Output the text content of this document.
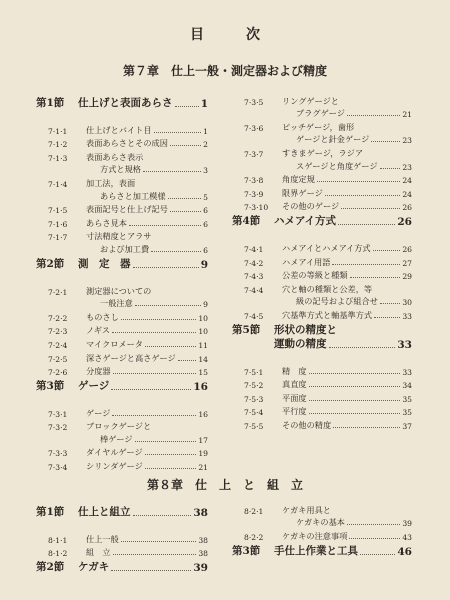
目　次
第７章　仕上一般・測定器および精度
第1節	仕上げと表面あらさ	1
7·1·1	仕上げとバイト目	1
7·1·2	表面あらさとその成因	2
7·1·3	表面あらさ表示
方式と規格	3
7·1·4	加工法，表面
あらさと加工模様	5
7·1·5	表面記号と仕上げ記号	6
7·1·6	あらさ見本	6
7·1·7	寸法精度とアラサ
および加工費	6
第2節	測　定　器	9
7·2·1	測定器についての
一般注意	9
7·2·2	ものさし	10
7·2·3	ノギス	10
7·2·4	マイクロメータ	11
7·2·5	深さゲージと高さゲージ	14
7·2·6	分度器	15
第3節	ゲージ	16
7·3·1	ゲージ	16
7·3·2	ブロックゲージと
棒ゲージ	17
7·3·3	ダイヤルゲージ	19
7·3·4	シリンダゲージ	21
7·3·5	リングゲージと
プラグゲージ	21
7·3·6	ピッチゲージ，歯形
ゲージと針金ゲージ	23
7·3·7	すきまゲージ，ラジア
スゲージと角度ゲージ	23
7·3·8	角度定規	24
7·3·9	限界ゲージ	24
7·3·10	その他のゲージ	26
第4節	ハメアイ方式	26
7·4·1	ハメアイとハメアイ方式	26
7·4·2	ハメアイ用語	27
7·4·3	公差の等級と種類	29
7·4·4	穴と軸の種類と公差，等
級の記号および組合せ	30
7·4·5	穴基準方式と軸基準方式	33
第5節	形状の精度と
運動の精度	33
7·5·1	精　度	33
7·5·2	真直度	34
7·5·3	平面度	35
7·5·4	平行度	35
7·5·5	その他の精度	37
第８章　仕　上　と　組　立
第1節	仕上と組立	38
8·1·1	仕上一般	38
8·1·2	組　立	38
第2節	ケガキ	39
8·2·1	ケガキ用具と
ケガキの基本	39
8·2·2	ケガキの注意事項	43
第3節	手仕上作業と工具	46
